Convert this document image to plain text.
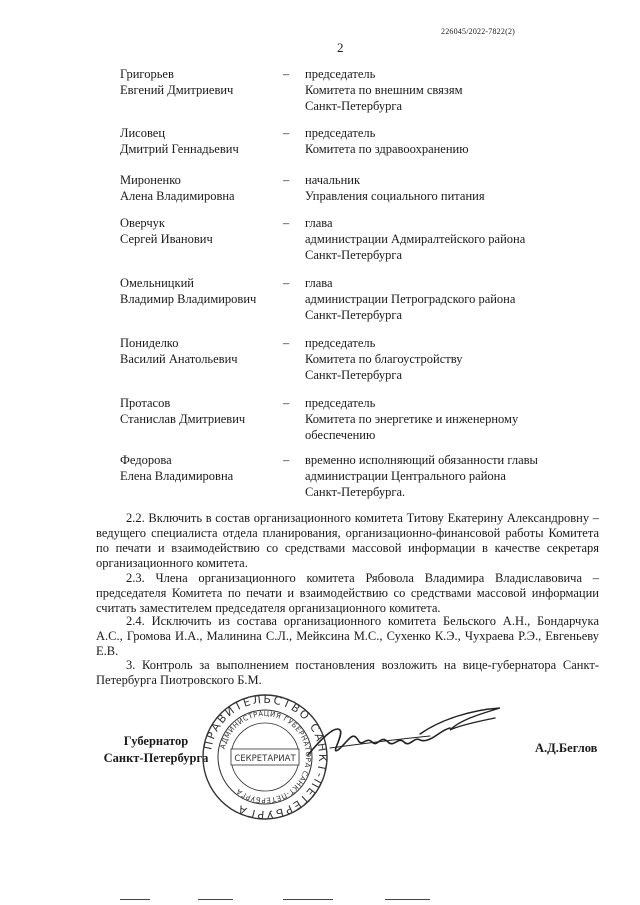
226045/2022-7822(2)
2
Григорьев
Евгений Дмитриевич
– председатель
Комитета по внешним связям
Санкт-Петербурга
Лисовец
Дмитрий Геннадьевич
– председатель
Комитета по здравоохранению
Мироненко
Алена Владимировна
– начальник
Управления социального питания
Оверчук
Сергей Иванович
– глава
администрации Адмиралтейского района
Санкт-Петербурга
Омельницкий
Владимир Владимирович
– глава
администрации Петроградского района
Санкт-Петербурга
Пониделко
Василий Анатольевич
– председатель
Комитета по благоустройству
Санкт-Петербурга
Протасов
Станислав Дмитриевич
– председатель
Комитета по энергетике и инженерному
обеспечению
Федорова
Елена Владимировна
– временно исполняющий обязанности главы
администрации Центрального района
Санкт-Петербурга.
2.2. Включить в состав организационного комитета Титову Екатерину Александровну – ведущего специалиста отдела планирования, организационно-финансовой работы Комитета по печати и взаимодействию со средствами массовой информации в качестве секретаря организационного комитета.
2.3. Члена организационного комитета Рябовола Владимира Владиславовича – председателя Комитета по печати и взаимодействию со средствами массовой информации считать заместителем председателя организационного комитета.
2.4. Исключить из состава организационного комитета Бельского А.Н., Бондарчука А.С., Громова И.А., Малинина С.Л., Мейксина М.С., Сухенко К.Э., Чухраева Р.Э., Евгеньеву Е.В.
3. Контроль за выполнением постановления возложить на вице-губернатора Санкт-Петербурга Пиотровского Б.М.
Губернатор
Санкт-Петербурга
ПРАВИТЕЛЬСТВО САНКТ-ПЕТЕРБУРГА
АДМИНИСТРАЦИЯ ГУБЕРНАТОРА САНКТ-ПЕТЕРБУРГА
СЕКРЕТАРИАТ
А.Д.Беглов
